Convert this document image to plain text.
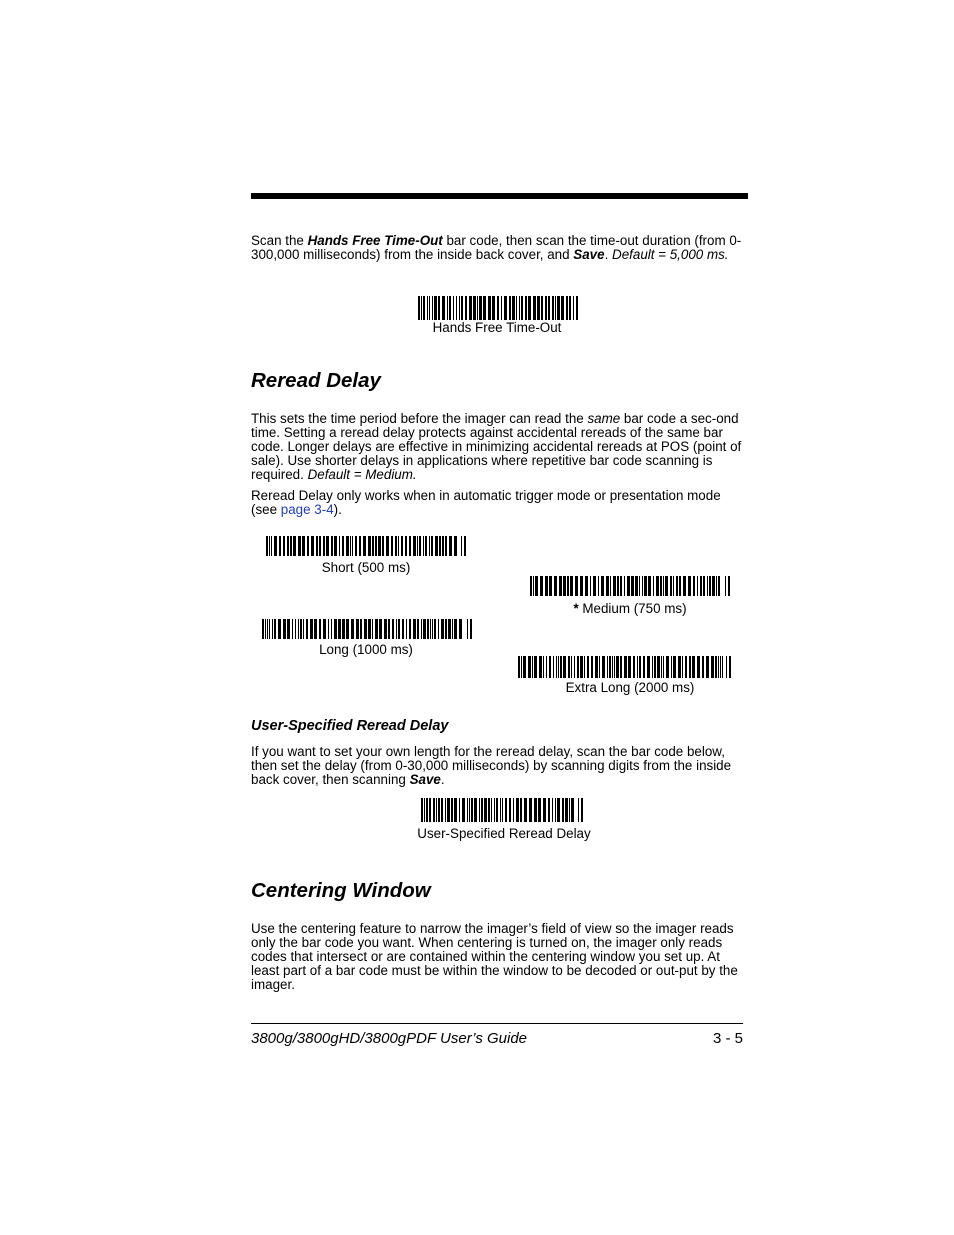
Scan the Hands Free Time-Out bar code, then scan the time-out duration (from 0-300,000 milliseconds) from the inside back cover, and Save. Default = 5,000 ms.
Hands Free Time-Out
Reread Delay
This sets the time period before the imager can read the same bar code a sec-ond time. Setting a reread delay protects against accidental rereads of the same bar code. Longer delays are effective in minimizing accidental rereads at POS (point of sale). Use shorter delays in applications where repetitive bar code scanning is required. Default = Medium.
Reread Delay only works when in automatic trigger mode or presentation mode (see page 3-4).
Short (500 ms)
* Medium (750 ms)
Long (1000 ms)
Extra Long (2000 ms)
User-Specified Reread Delay
If you want to set your own length for the reread delay, scan the bar code below, then set the delay (from 0-30,000 milliseconds) by scanning digits from the inside back cover, then scanning Save.
User-Specified Reread Delay
Centering Window
Use the centering feature to narrow the imager’s field of view so the imager reads only the bar code you want. When centering is turned on, the imager only reads codes that intersect or are contained within the centering window you set up. At least part of a bar code must be within the window to be decoded or out-put by the imager.
3800g/3800gHD/3800gPDF User’s Guide	3 - 5
